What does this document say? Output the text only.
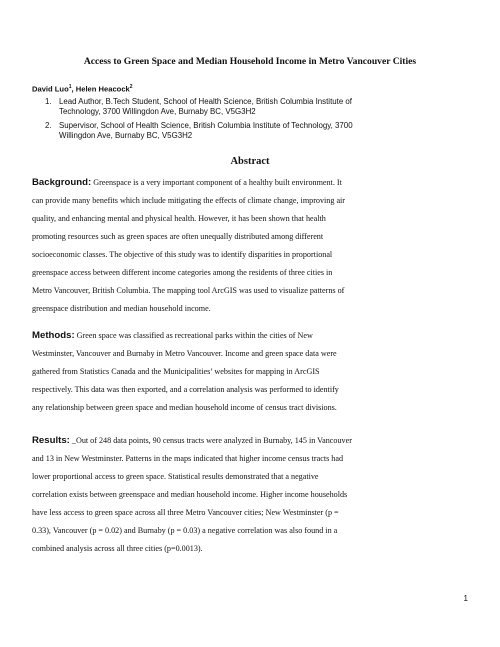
Access to Green Space and Median Household Income in Metro Vancouver Cities
David Luo$^1$, Helen Heacock$^2$
1. Lead Author, B.Tech Student, School of Health Science, British Columbia Institute of
Technology, 3700 Willingdon Ave, Burnaby BC, V5G3H2
2. Supervisor, School of Health Science, British Columbia Institute of Technology, 3700
Willingdon Ave, Burnaby BC, V5G3H2
Abstract
Background: Greenspace is a very important component of a healthy built environment. It
can provide many benefits which include mitigating the effects of climate change, improving air
quality, and enhancing mental and physical health. However, it has been shown that health
promoting resources such as green spaces are often unequally distributed among different
socioeconomic classes. The objective of this study was to identify disparities in proportional
greenspace access between different income categories among the residents of three cities in
Metro Vancouver, British Columbia. The mapping tool ArcGIS was used to visualize patterns of
greenspace distribution and median household income.
Methods: Green space was classified as recreational parks within the cities of New
Westminster, Vancouver and Burnaby in Metro Vancouver. Income and green space data were
gathered from Statistics Canada and the Municipalities’ websites for mapping in ArcGIS
respectively. This data was then exported, and a correlation analysis was performed to identify
any relationship between green space and median household income of census tract divisions.
Results: _Out of 248 data points, 90 census tracts were analyzed in Burnaby, 145 in Vancouver
and 13 in New Westminster. Patterns in the maps indicated that higher income census tracts had
lower proportional access to green space. Statistical results demonstrated that a negative
correlation exists between greenspace and median household income. Higher income households
have less access to green space across all three Metro Vancouver cities; New Westminster (p =
0.33), Vancouver (p = 0.02) and Burnaby (p = 0.03) a negative correlation was also found in a
combined analysis across all three cities (p=0.0013).
1
